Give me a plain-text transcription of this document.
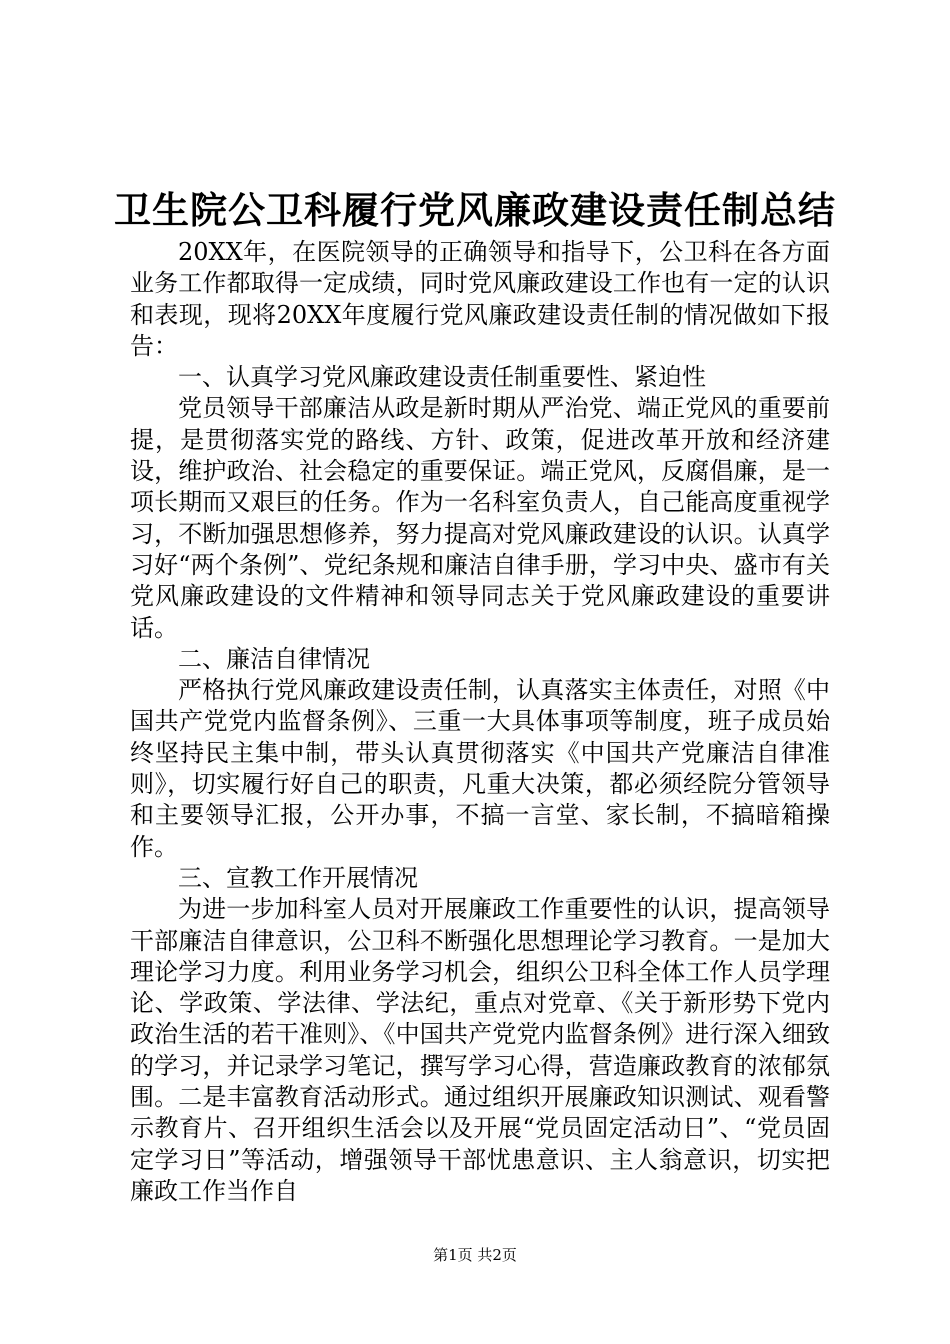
卫生院公卫科履行党风廉政建设责任制总结

20XX年，在医院领导的正确领导和指导下，公卫科在各方面业务工作都取得一定成绩，同时党风廉政建设工作也有一定的认识和表现，现将20XX年度履行党风廉政建设责任制的情况做如下报告：

一、认真学习党风廉政建设责任制重要性、紧迫性

党员领导干部廉洁从政是新时期从严治党、端正党风的重要前提，是贯彻落实党的路线、方针、政策，促进改革开放和经济建设，维护政治、社会稳定的重要保证。端正党风，反腐倡廉，是一项长期而又艰巨的任务。作为一名科室负责人，自己能高度重视学习，不断加强思想修养，努力提高对党风廉政建设的认识。认真学习好“两个条例”、党纪条规和廉洁自律手册，学习中央、盛市有关党风廉政建设的文件精神和领导同志关于党风廉政建设的重要讲话。

二、廉洁自律情况

严格执行党风廉政建设责任制，认真落实主体责任，对照《中国共产党党内监督条例》、三重一大具体事项等制度，班子成员始终坚持民主集中制，带头认真贯彻落实《中国共产党廉洁自律准则》，切实履行好自己的职责，凡重大决策，都必须经院分管领导和主要领导汇报，公开办事，不搞一言堂、家长制，不搞暗箱操作。

三、宣教工作开展情况

为进一步加科室人员对开展廉政工作重要性的认识，提高领导干部廉洁自律意识，公卫科不断强化思想理论学习教育。一是加大理论学习力度。利用业务学习机会，组织公卫科全体工作人员学理论、学政策、学法律、学法纪，重点对党章、《关于新形势下党内政治生活的若干准则》、《中国共产党党内监督条例》进行深入细致的学习，并记录学习笔记，撰写学习心得，营造廉政教育的浓郁氛围。二是丰富教育活动形式。通过组织开展廉政知识测试、观看警示教育片、召开组织生活会以及开展“党员固定活动日”、“党员固定学习日”等活动，增强领导干部忧患意识、主人翁意识，切实把廉政工作当作自

第1页 共2页
